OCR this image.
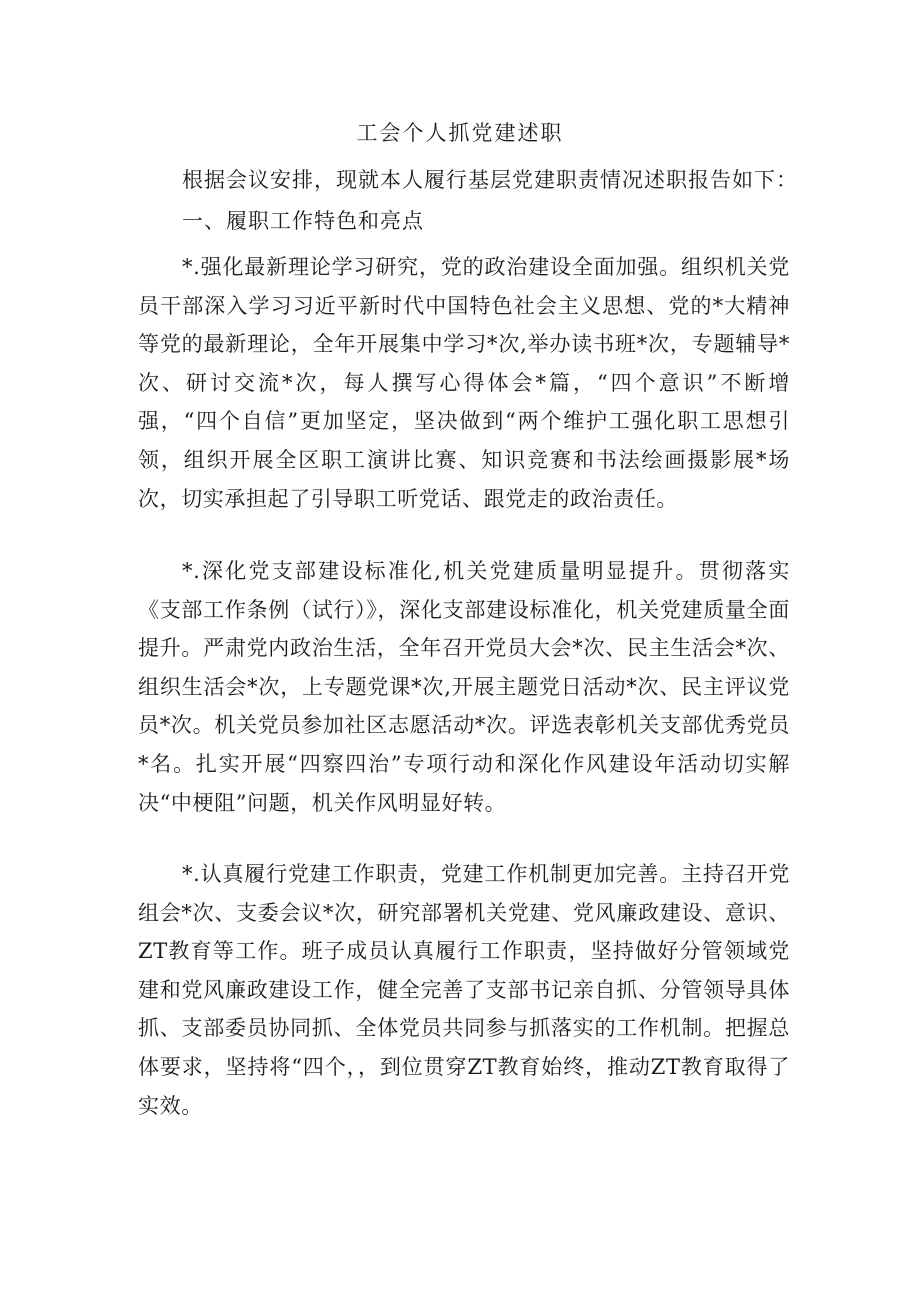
工会个人抓党建述职

根据会议安排，现就本人履行基层党建职责情况述职报告如下：

一、履职工作特色和亮点

*.强化最新理论学习研究，党的政治建设全面加强。组织机关党员干部深入学习习近平新时代中国特色社会主义思想、党的*大精神等党的最新理论，全年开展集中学习*次,举办读书班*次，专题辅导*次、研讨交流*次，每人撰写心得体会*篇，“四个意识”不断增强，“四个自信”更加坚定，坚决做到“两个维护工强化职工思想引领，组织开展全区职工演讲比赛、知识竞赛和书法绘画摄影展*场次，切实承担起了引导职工听党话、跟党走的政治责任。

*.深化党支部建设标准化,机关党建质量明显提升。贯彻落实《支部工作条例（试行）》，深化支部建设标准化，机关党建质量全面提升。严肃党内政治生活，全年召开党员大会*次、民主生活会*次、组织生活会*次，上专题党课*次,开展主题党日活动*次、民主评议党员*次。机关党员参加社区志愿活动*次。评选表彰机关支部优秀党员*名。扎实开展“四察四治”专项行动和深化作风建设年活动切实解决“中梗阻”问题，机关作风明显好转。

*.认真履行党建工作职责，党建工作机制更加完善。主持召开党组会*次、支委会议*次，研究部署机关党建、党风廉政建设、意识、ZT教育等工作。班子成员认真履行工作职责，坚持做好分管领域党建和党风廉政建设工作，健全完善了支部书记亲自抓、分管领导具体抓、支部委员协同抓、全体党员共同参与抓落实的工作机制。把握总体要求，坚持将“四个，，到位贯穿ZT教育始终，推动ZT教育取得了实效。
